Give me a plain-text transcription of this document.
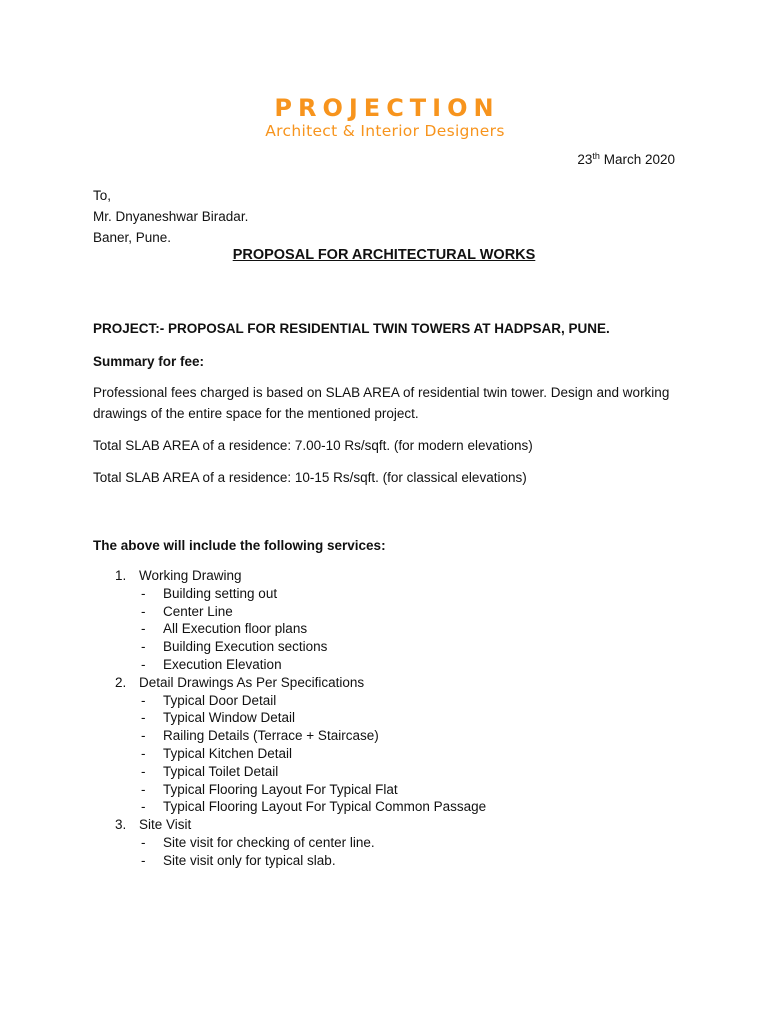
PROJECTION
Architect & Interior Designers
23th March 2020
To,
Mr. Dnyaneshwar Biradar.
Baner, Pune.
PROPOSAL FOR ARCHITECTURAL WORKS
PROJECT:- PROPOSAL FOR RESIDENTIAL TWIN TOWERS AT HADPSAR, PUNE.
Summary for fee:
Professional fees charged is based on SLAB AREA of residential twin tower. Design and working drawings of the entire space for the mentioned project.
Total SLAB AREA of a residence: 7.00-10 Rs/sqft. (for modern elevations)
Total SLAB AREA of a residence: 10-15 Rs/sqft. (for classical elevations)
The above will include the following services:
1. Working Drawing
- Building setting out
- Center Line
- All Execution floor plans
- Building Execution sections
- Execution Elevation
2. Detail Drawings As Per Specifications
- Typical Door Detail
- Typical Window Detail
- Railing Details (Terrace + Staircase)
- Typical Kitchen Detail
- Typical Toilet Detail
- Typical Flooring Layout For Typical Flat
- Typical Flooring Layout For Typical Common Passage
3. Site Visit
- Site visit for checking of center line.
- Site visit only for typical slab.
